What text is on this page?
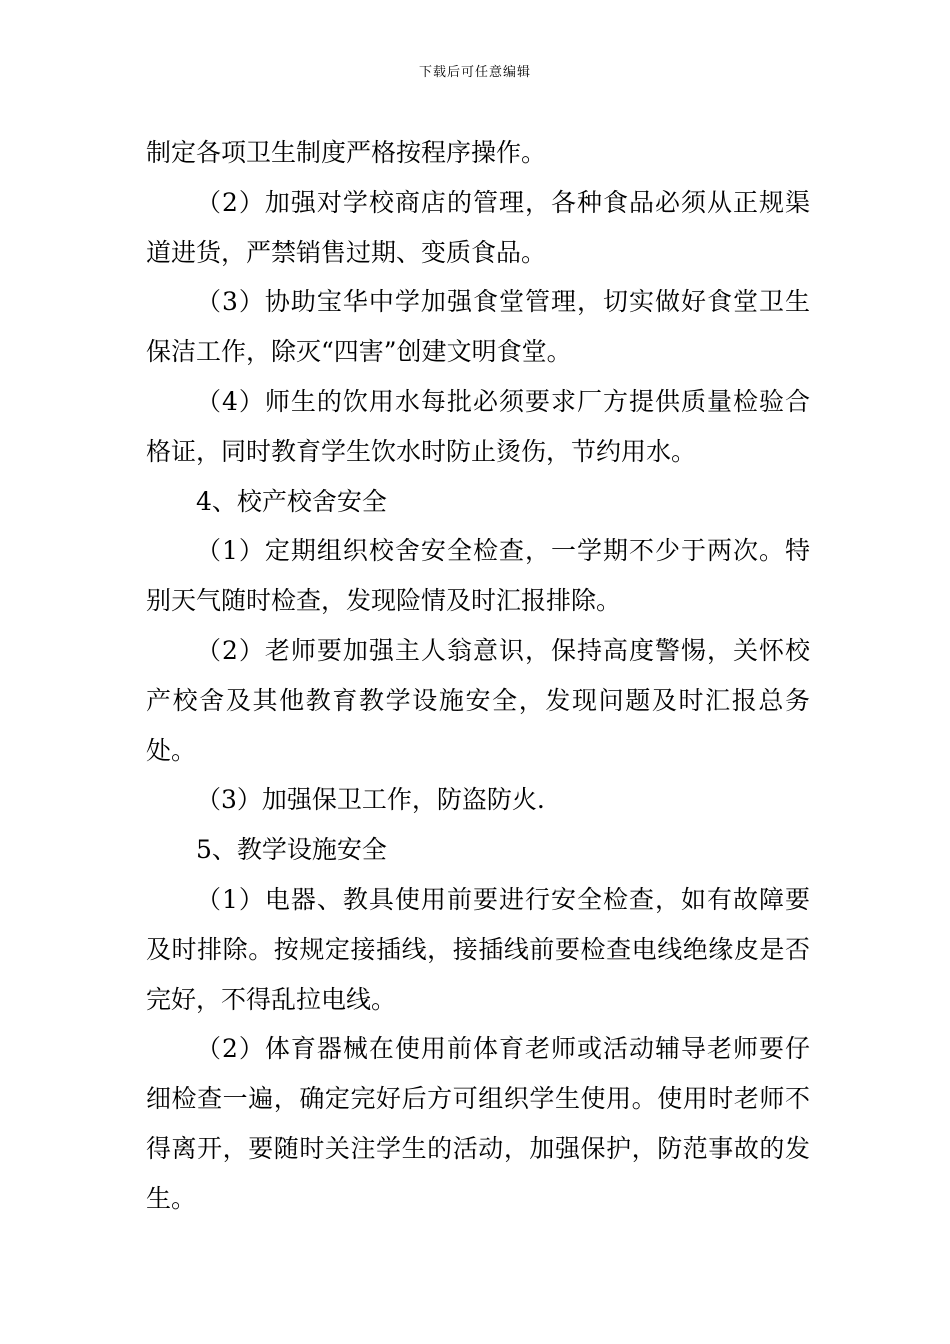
下载后可任意编辑

制定各项卫生制度严格按程序操作。

（2）加强对学校商店的管理，各种食品必须从正规渠道进货，严禁销售过期、变质食品。

（3）协助宝华中学加强食堂管理，切实做好食堂卫生保洁工作，除灭“四害”创建文明食堂。

（4）师生的饮用水每批必须要求厂方提供质量检验合格证，同时教育学生饮水时防止烫伤，节约用水。

4、校产校舍安全

（1）定期组织校舍安全检查，一学期不少于两次。特别天气随时检查，发现险情及时汇报排除。

（2）老师要加强主人翁意识，保持高度警惕，关怀校产校舍及其他教育教学设施安全，发现问题及时汇报总务处。

（3）加强保卫工作，防盗防火.

5、教学设施安全

（1）电器、教具使用前要进行安全检查，如有故障要及时排除。按规定接插线，接插线前要检查电线绝缘皮是否完好，不得乱拉电线。

（2）体育器械在使用前体育老师或活动辅导老师要仔细检查一遍，确定完好后方可组织学生使用。使用时老师不得离开，要随时关注学生的活动，加强保护，防范事故的发生。
